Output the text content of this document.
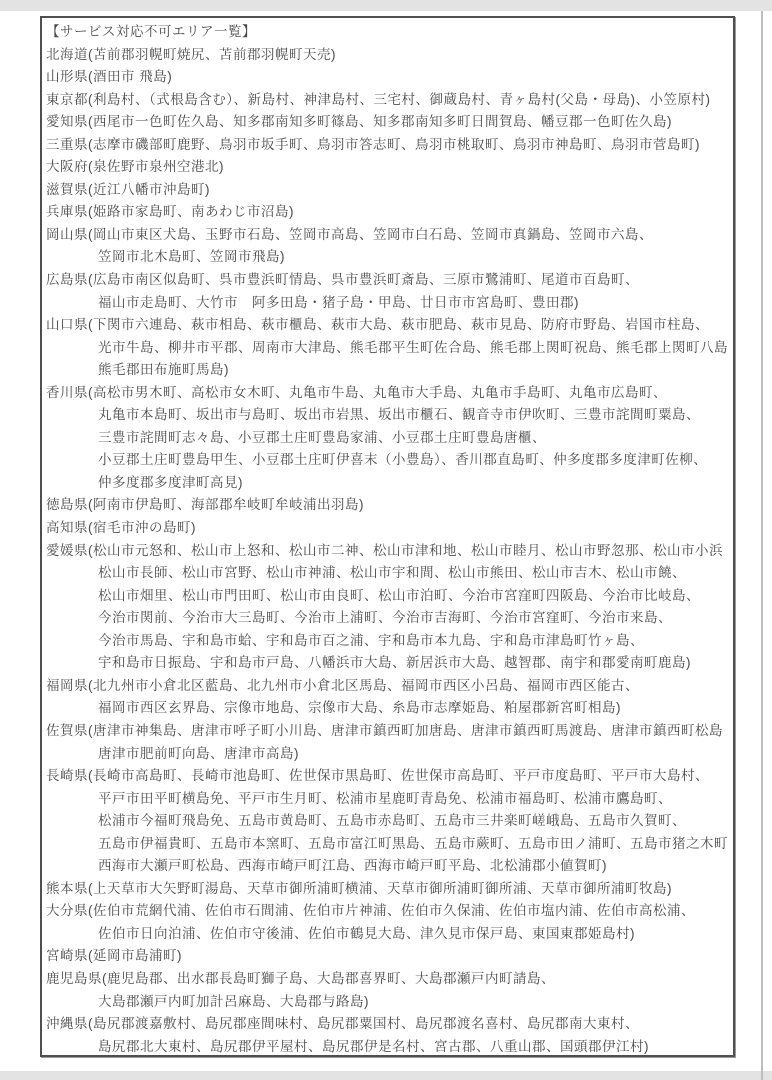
【サービス対応不可エリア一覧】
北海道(苫前郡羽幌町焼尻、苫前郡羽幌町天売)
山形県(酒田市 飛島)
東京都(利島村、（式根島含む）、新島村、神津島村、三宅村、御蔵島村、青ヶ島村(父島・母島)、小笠原村)
愛知県(西尾市一色町佐久島、知多郡南知多町篠島、知多郡南知多町日間賀島、幡豆郡一色町佐久島)
三重県(志摩市磯部町鹿野、鳥羽市坂手町、鳥羽市答志町、鳥羽市桃取町、鳥羽市神島町、鳥羽市菅島町)
大阪府(泉佐野市泉州空港北)
滋賀県(近江八幡市沖島町)
兵庫県(姫路市家島町、南あわじ市沼島)
岡山県(岡山市東区犬島、玉野市石島、笠岡市高島、笠岡市白石島、笠岡市真鍋島、笠岡市六島、
笠岡市北木島町、笠岡市飛島)
広島県(広島市南区似島町、呉市豊浜町情島、呉市豊浜町斎島、三原市鷺浦町、尾道市百島町、
福山市走島町、大竹市　阿多田島・猪子島・甲島、廿日市市宮島町、豊田郡)
山口県(下関市六連島、萩市相島、萩市櫃島、萩市大島、萩市肥島、萩市見島、防府市野島、岩国市柱島、
光市牛島、柳井市平郡、周南市大津島、熊毛郡平生町佐合島、熊毛郡上関町祝島、熊毛郡上関町八島
熊毛郡田布施町馬島)
香川県(高松市男木町、高松市女木町、丸亀市牛島、丸亀市大手島、丸亀市手島町、丸亀市広島町、
丸亀市本島町、坂出市与島町、坂出市岩黒、坂出市櫃石、観音寺市伊吹町、三豊市詫間町粟島、
三豊市詫間町志々島、小豆郡土庄町豊島家浦、小豆郡土庄町豊島唐櫃、
小豆郡土庄町豊島甲生、小豆郡土庄町伊喜末（小豊島）、香川郡直島町、仲多度郡多度津町佐柳、
仲多度郡多度津町高見)
徳島県(阿南市伊島町、海部郡牟岐町牟岐浦出羽島)
高知県(宿毛市沖の島町)
愛媛県(松山市元怒和、松山市上怒和、松山市二神、松山市津和地、松山市睦月、松山市野忽那、松山市小浜
松山市長師、松山市宮野、松山市神浦、松山市宇和間、松山市熊田、松山市吉木、松山市饒、
松山市畑里、松山市門田町、松山市由良町、松山市泊町、今治市宮窪町四阪島、今治市比岐島、
今治市関前、今治市大三島町、今治市上浦町、今治市吉海町、今治市宮窪町、今治市来島、
今治市馬島、宇和島市蛤、宇和島市百之浦、宇和島市本九島、宇和島市津島町竹ヶ島、
宇和島市日振島、宇和島市戸島、八幡浜市大島、新居浜市大島、越智郡、南宇和郡愛南町鹿島)
福岡県(北九州市小倉北区藍島、北九州市小倉北区馬島、福岡市西区小呂島、福岡市西区能古、
福岡市西区玄界島、宗像市地島、宗像市大島、糸島市志摩姫島、粕屋郡新宮町相島)
佐賀県(唐津市神集島、唐津市呼子町小川島、唐津市鎮西町加唐島、唐津市鎮西町馬渡島、唐津市鎮西町松島
唐津市肥前町向島、唐津市高島)
長崎県(長崎市高島町、長崎市池島町、佐世保市黒島町、佐世保市高島町、平戸市度島町、平戸市大島村、
平戸市田平町横島免、平戸市生月町、松浦市星鹿町青島免、松浦市福島町、松浦市鷹島町、
松浦市今福町飛島免、五島市黄島町、五島市赤島町、五島市三井楽町嵯峨島、五島市久賀町、
五島市伊福貴町、五島市本窯町、五島市富江町黒島、五島市蕨町、五島市田ノ浦町、五島市猪之木町
西海市大瀬戸町松島、西海市崎戸町江島、西海市崎戸町平島、北松浦郡小値賀町)
熊本県(上天草市大矢野町湯島、天草市御所浦町横浦、天草市御所浦町御所浦、天草市御所浦町牧島)
大分県(佐伯市荒網代浦、佐伯市石間浦、佐伯市片神浦、佐伯市久保浦、佐伯市塩内浦、佐伯市高松浦、
佐伯市日向泊浦、佐伯市守後浦、佐伯市鶴見大島、津久見市保戸島、東国東郡姫島村)
宮崎県(延岡市島浦町)
鹿児島県(鹿児島郡、出水郡長島町獅子島、大島郡喜界町、大島郡瀬戸内町請島、
大島郡瀬戸内町加計呂麻島、大島郡与路島)
沖縄県(島尻郡渡嘉敷村、島尻郡座間味村、島尻郡粟国村、島尻郡渡名喜村、島尻郡南大東村、
島尻郡北大東村、島尻郡伊平屋村、島尻郡伊是名村、宮古郡、八重山郡、国頭郡伊江村)
